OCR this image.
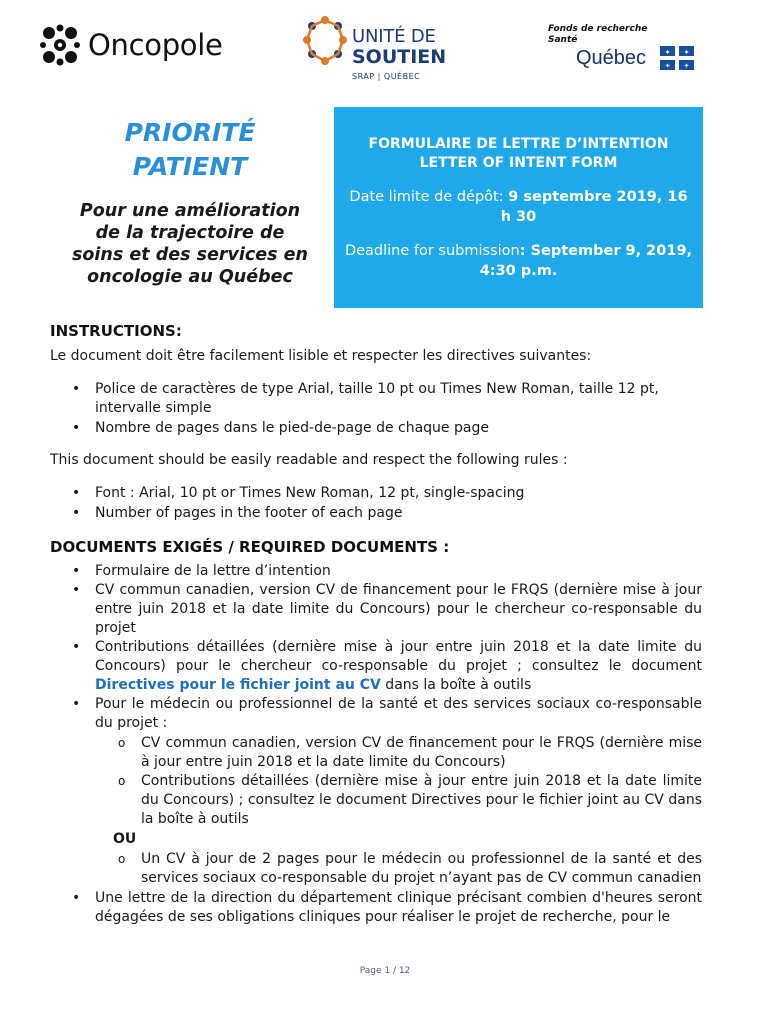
Oncopole	UNITÉ DE
SOUTIEN
SRAP | QUÉBEC
Fonds de recherche
Santé
Québec	✦ ✦
✦ ✦
PRIORITÉ
PATIENT
Pour une amélioration de la trajectoire de soins et des services en oncologie au Québec
FORMULAIRE DE LETTRE D’INTENTION
LETTER OF INTENT FORM
Date limite de dépôt: 9 septembre 2019, 16 h 30
Deadline for submission: September 9, 2019, 4:30 p.m.
INSTRUCTIONS:
Le document doit être facilement lisible et respecter les directives suivantes:
• Police de caractères de type Arial, taille 10 pt ou Times New Roman, taille 12 pt, intervalle simple
• Nombre de pages dans le pied-de-page de chaque page
This document should be easily readable and respect the following rules :
• Font : Arial, 10 pt or Times New Roman, 12 pt, single-spacing
• Number of pages in the footer of each page
DOCUMENTS EXIGÉS / REQUIRED DOCUMENTS :
• Formulaire de la lettre d’intention
• CV commun canadien, version CV de financement pour le FRQS (dernière mise à jour entre juin 2018 et la date limite du Concours) pour le chercheur co-responsable du projet
• Contributions détaillées (dernière mise à jour entre juin 2018 et la date limite du Concours) pour le chercheur co-responsable du projet ; consultez le document Directives pour le fichier joint au CV dans la boîte à outils
• Pour le médecin ou professionnel de la santé et des services sociaux co-responsable du projet :
o CV commun canadien, version CV de financement pour le FRQS (dernière mise à jour entre juin 2018 et la date limite du Concours)
o Contributions détaillées (dernière mise à jour entre juin 2018 et la date limite du Concours) ; consultez le document Directives pour le fichier joint au CV dans la boîte à outils
OU
o Un CV à jour de 2 pages pour le médecin ou professionnel de la santé et des services sociaux co-responsable du projet n’ayant pas de CV commun canadien
• Une lettre de la direction du département clinique précisant combien d'heures seront dégagées de ses obligations cliniques pour réaliser le projet de recherche, pour le
Page 1 / 12
